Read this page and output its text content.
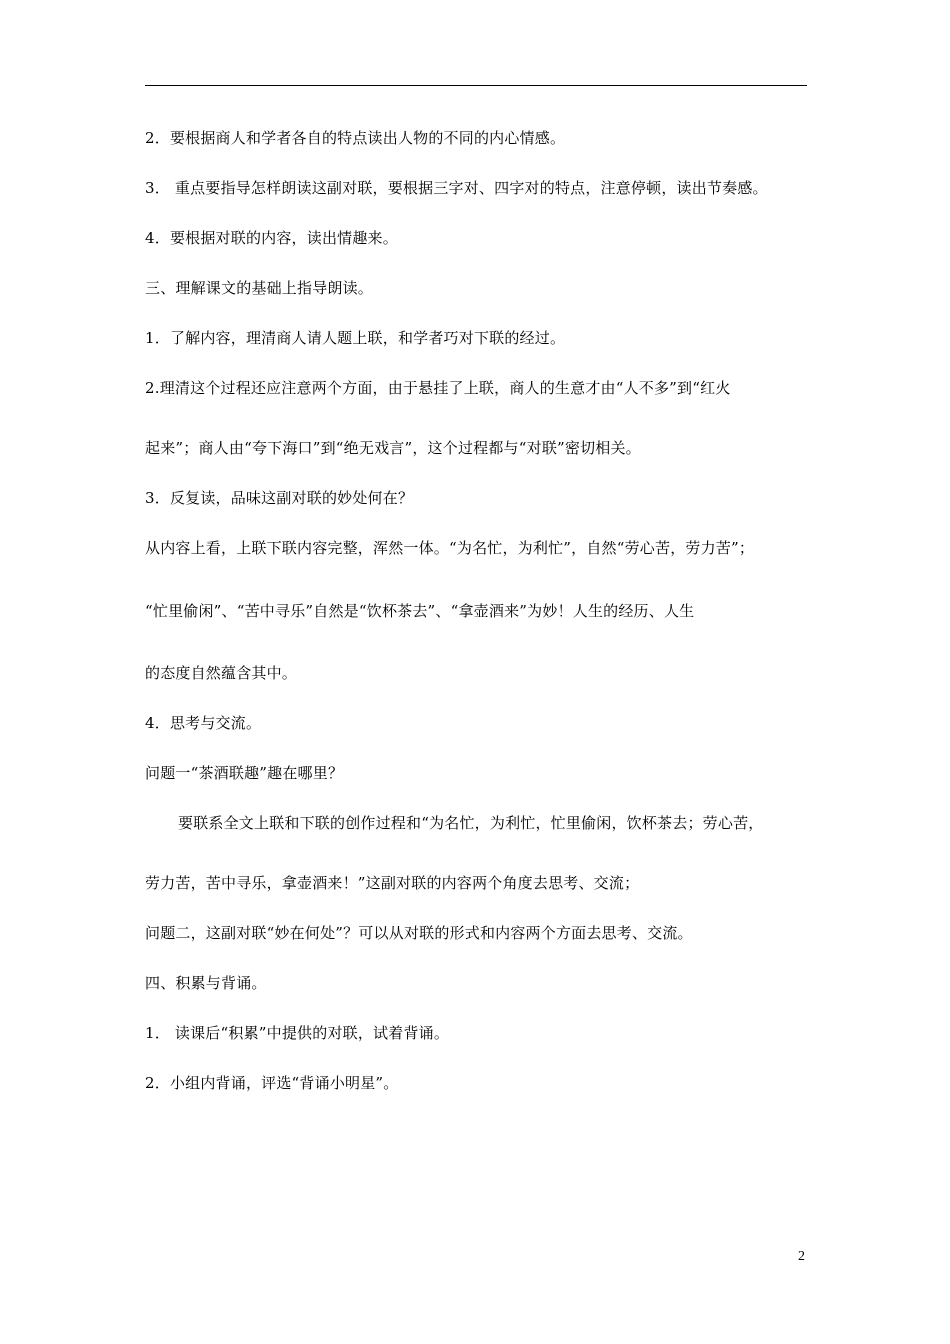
2．要根据商人和学者各自的特点读出人物的不同的内心情感。
3． 重点要指导怎样朗读这副对联，要根据三字对、四字对的特点，注意停顿，读出节奏感。
4．要根据对联的内容，读出情趣来。
三、理解课文的基础上指导朗读。
1．了解内容，理清商人请人题上联，和学者巧对下联的经过。
2.理清这个过程还应注意两个方面，由于悬挂了上联，商人的生意才由“人不多”到“红火
起来”；商人由“夸下海口”到“绝无戏言”，这个过程都与“对联”密切相关。
3．反复读，品味这副对联的妙处何在？
从内容上看，上联下联内容完整，浑然一体。“为名忙，为利忙”，自然“劳心苦，劳力苦”；
“忙里偷闲”、“苦中寻乐”自然是“饮杯茶去”、“拿壶酒来”为妙！人生的经历、人生
的态度自然蕴含其中。
4．思考与交流。
问题一“茶酒联趣”趣在哪里？
要联系全文上联和下联的创作过程和“为名忙，为利忙，忙里偷闲，饮杯茶去；劳心苦，
劳力苦，苦中寻乐，拿壶酒来！”这副对联的内容两个角度去思考、交流；
问题二，这副对联“妙在何处”？可以从对联的形式和内容两个方面去思考、交流。
四、积累与背诵。
1． 读课后“积累”中提供的对联，试着背诵。
2．小组内背诵，评选“背诵小明星”。
2
